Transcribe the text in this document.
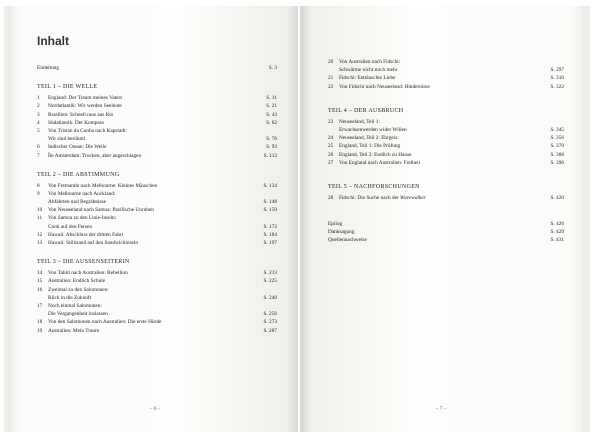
Inhalt
Einleitung	S. 3
TEIL 1 – DIE WELLE
1	England: Der Traum meines Vaters	S. 11
2	Nordatlantik: Wir werden Seeleute	S. 21
3	Brasilien: Schnell raus aus Rio	S. 43
4	Südatlantik: Der Kompass	S. 62
5	Von Tristan da Cunha nach Kapstadt:
Wir sind berühmt	S. 76
6	Indischer Ozean: Die Welle	S. 93
7	Île Amsterdam: Trocken, aber angeschlagen	S. 112
TEIL 2 – DIE ABSTIMMUNG
8	Von Fremantle nach Melbourne: Kleines Mäuschen	S. 134
9	Von Melbourne nach Auckland:
Abfahrten und Begräbnisse	S. 148
10	Von Neuseeland nach Samoa: Pazifische Unruhen	S. 159
11	Von Samoa zu den Linie-Inseln:
Cook auf den Fersen	S. 172
12	Hawaii: Abschluss der dritten Fahrt	S. 184
13	Hawaii: Stillstand auf den Sandwichinseln	S. 197
TEIL 3 – DIE AUSSENSEITERIN
14	Von Tahiti nach Australien: Rebellion	S. 213
15	Australien: Endlich Schule	S. 225
16	Zweimal zu den Salomonen:
Blick in die Zukunft	S. 240
17	Noch einmal Salomonen:
Die Vergangenheit loslassen	S. 256
18	Von den Salomonen nach Australien: Die erste Hürde	S. 273
19	Australien: Mein Traum	S. 287
– 6 –
20	Von Australien nach Fidschi:
Schwärme nicht mich mehr	S. 297
21	Fidschi: Enttäuschte Liebe	S. 310
22	Von Fidschi nach Neuseeland: Hindernisse	S. 322
TEIL 4 – DER AUSBRUCH
23	Neuseeland, Teil 1:
Erwachsenwerden wider Willen	S. 345
24	Neuseeland, Teil 2: Ehrgeiz	S. 356
25	England, Teil 1: Die Prüfung	S. 370
26	England, Teil 2: Endlich zu Hause	S. 388
27	Von England nach Australien: Freiheit	S. 396
TEIL 5 – NACHFORSCHUNGEN
28	Fidschi: Die Suche nach der Wavewalker	S. 420
Epilog	S. 426
Danksagung	S. 429
Quellennachweise	S. 431
– 7 –
